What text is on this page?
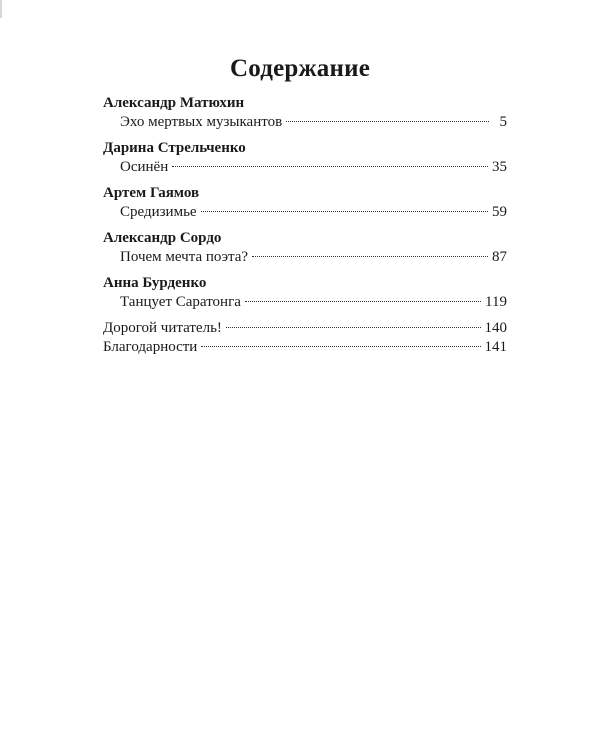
Содержание
Александр Матюхин
Эхо мертвых музыкантов	5
Дарина Стрельченко
Осинён	35
Артем Гаямов
Средизимье	59
Александр Сордо
Почем мечта поэта?	87
Анна Бурденко
Танцует Саратонга	119
Дорогой читатель!	140
Благодарности	141
